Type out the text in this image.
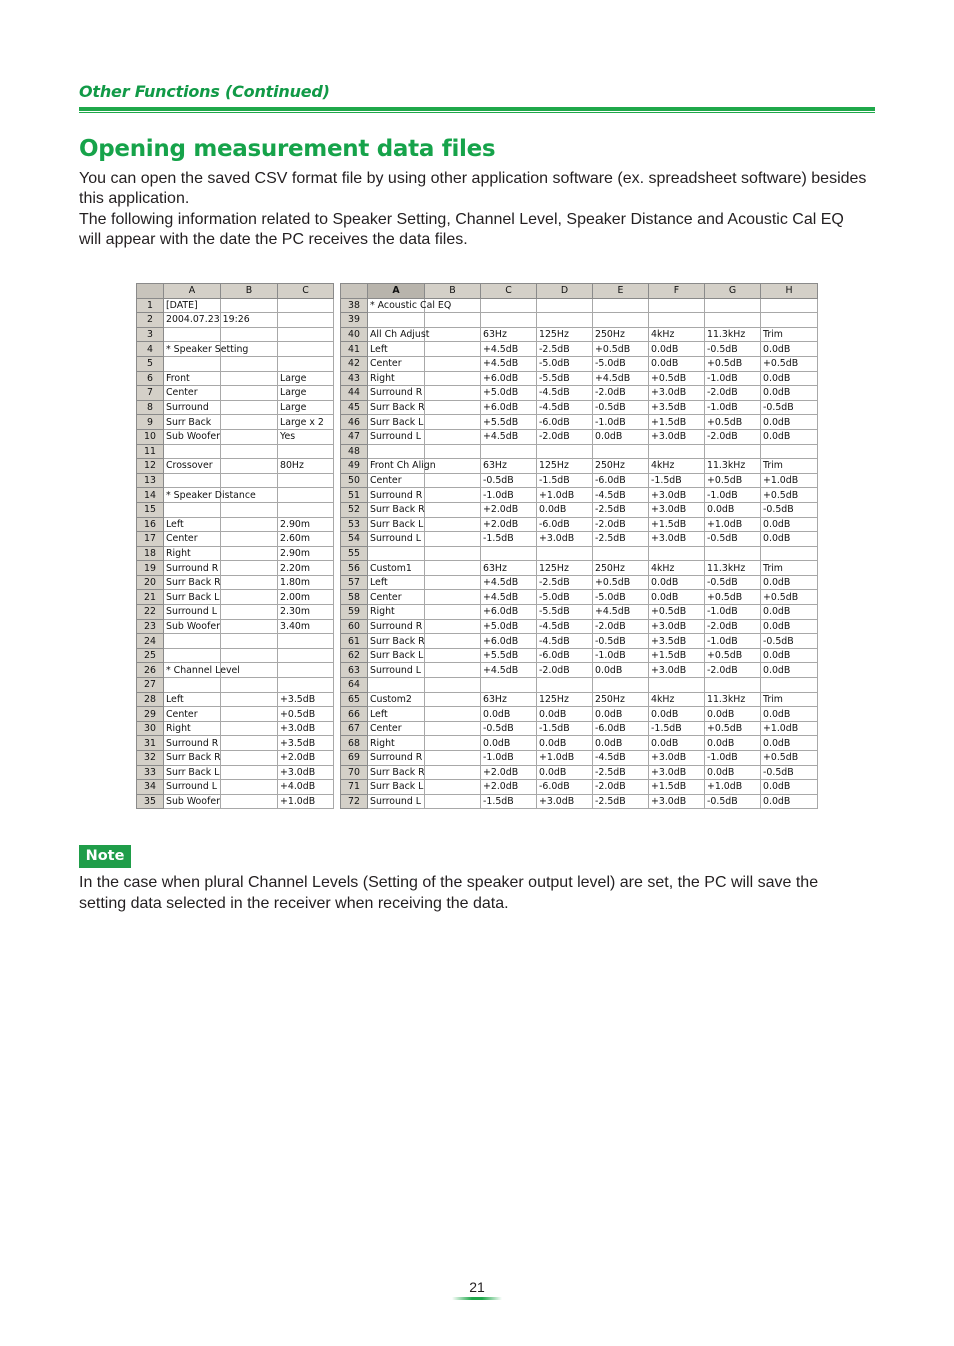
Other Functions (Continued)
Opening measurement data files

You can open the saved CSV format file by using other application software (ex. spreadsheet software) besides this application.

The following information related to Speaker Setting, Channel Level, Speaker Distance and Acoustic Cal EQ will appear with the date the PC receives the data files.

	A	B	C
1	[DATE]		
2	2004.07.23 19:26		
3			
4	* Speaker Setting		
5			
6	Front		Large
7	Center		Large
8	Surround		Large
9	Surr Back		Large x 2
10	Sub Woofer		Yes
11			
12	Crossover		80Hz
13			
14	* Speaker Distance		
15			
16	Left		2.90m
17	Center		2.60m
18	Right		2.90m
19	Surround R		2.20m
20	Surr Back R		1.80m
21	Surr Back L		2.00m
22	Surround L		2.30m
23	Sub Woofer		3.40m
24			
25			
26	* Channel Level		
27			
28	Left		+3.5dB
29	Center		+0.5dB
30	Right		+3.0dB
31	Surround R		+3.5dB
32	Surr Back R		+2.0dB
33	Surr Back L		+3.0dB
34	Surround L		+4.0dB
35	Sub Woofer		+1.0dB
	A	B	C	D	E	F	G	H
38	* Acoustic Cal EQ							
39								
40	All Ch Adjust		63Hz	125Hz	250Hz	4kHz	11.3kHz	Trim
41	Left		+4.5dB	-2.5dB	+0.5dB	0.0dB	-0.5dB	0.0dB
42	Center		+4.5dB	-5.0dB	-5.0dB	0.0dB	+0.5dB	+0.5dB
43	Right		+6.0dB	-5.5dB	+4.5dB	+0.5dB	-1.0dB	0.0dB
44	Surround R		+5.0dB	-4.5dB	-2.0dB	+3.0dB	-2.0dB	0.0dB
45	Surr Back R		+6.0dB	-4.5dB	-0.5dB	+3.5dB	-1.0dB	-0.5dB
46	Surr Back L		+5.5dB	-6.0dB	-1.0dB	+1.5dB	+0.5dB	0.0dB
47	Surround L		+4.5dB	-2.0dB	0.0dB	+3.0dB	-2.0dB	0.0dB
48								
49	Front Ch Align		63Hz	125Hz	250Hz	4kHz	11.3kHz	Trim
50	Center		-0.5dB	-1.5dB	-6.0dB	-1.5dB	+0.5dB	+1.0dB
51	Surround R		-1.0dB	+1.0dB	-4.5dB	+3.0dB	-1.0dB	+0.5dB
52	Surr Back R		+2.0dB	0.0dB	-2.5dB	+3.0dB	0.0dB	-0.5dB
53	Surr Back L		+2.0dB	-6.0dB	-2.0dB	+1.5dB	+1.0dB	0.0dB
54	Surround L		-1.5dB	+3.0dB	-2.5dB	+3.0dB	-0.5dB	0.0dB
55								
56	Custom1		63Hz	125Hz	250Hz	4kHz	11.3kHz	Trim
57	Left		+4.5dB	-2.5dB	+0.5dB	0.0dB	-0.5dB	0.0dB
58	Center		+4.5dB	-5.0dB	-5.0dB	0.0dB	+0.5dB	+0.5dB
59	Right		+6.0dB	-5.5dB	+4.5dB	+0.5dB	-1.0dB	0.0dB
60	Surround R		+5.0dB	-4.5dB	-2.0dB	+3.0dB	-2.0dB	0.0dB
61	Surr Back R		+6.0dB	-4.5dB	-0.5dB	+3.5dB	-1.0dB	-0.5dB
62	Surr Back L		+5.5dB	-6.0dB	-1.0dB	+1.5dB	+0.5dB	0.0dB
63	Surround L		+4.5dB	-2.0dB	0.0dB	+3.0dB	-2.0dB	0.0dB
64								
65	Custom2		63Hz	125Hz	250Hz	4kHz	11.3kHz	Trim
66	Left		0.0dB	0.0dB	0.0dB	0.0dB	0.0dB	0.0dB
67	Center		-0.5dB	-1.5dB	-6.0dB	-1.5dB	+0.5dB	+1.0dB
68	Right		0.0dB	0.0dB	0.0dB	0.0dB	0.0dB	0.0dB
69	Surround R		-1.0dB	+1.0dB	-4.5dB	+3.0dB	-1.0dB	+0.5dB
70	Surr Back R		+2.0dB	0.0dB	-2.5dB	+3.0dB	0.0dB	-0.5dB
71	Surr Back L		+2.0dB	-6.0dB	-2.0dB	+1.5dB	+1.0dB	0.0dB
72	Surround L		-1.5dB	+3.0dB	-2.5dB	+3.0dB	-0.5dB	0.0dB
Note

In the case when plural Channel Levels (Setting of the speaker output level) are set, the PC will save the setting data selected in the receiver when receiving the data.

21
